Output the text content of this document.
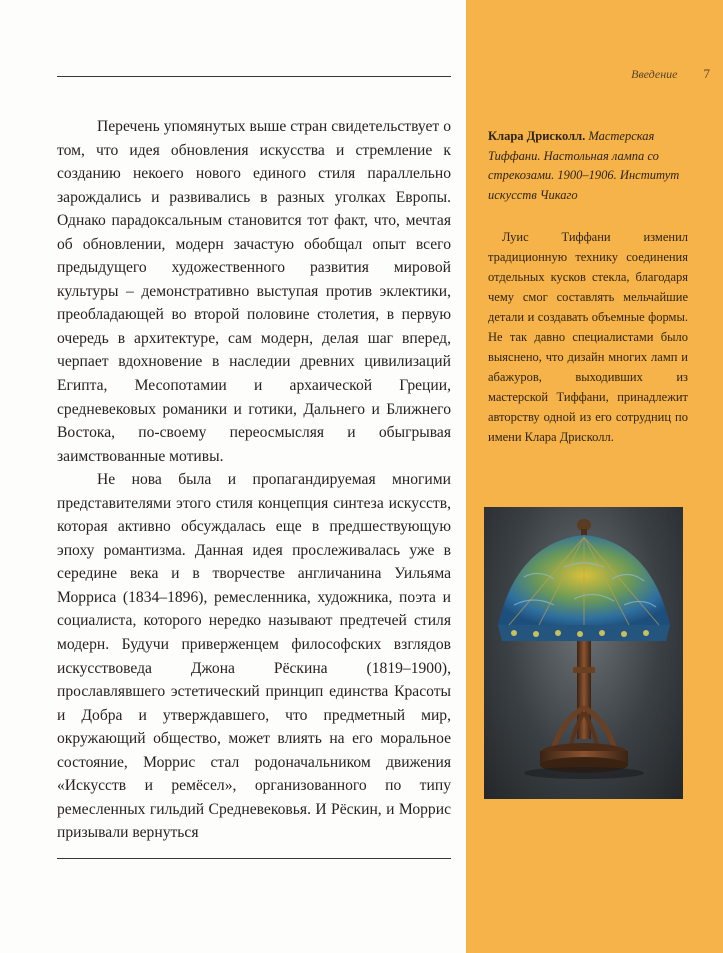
Перечень упомянутых выше стран свидетельствует о том, что идея обновления искусства и стремление к созданию некоего нового единого стиля параллельно зарождались и развивались в разных уголках Европы. Однако парадоксальным становится тот факт, что, мечтая об обновлении, модерн зачастую обобщал опыт всего предыдущего художественного развития мировой культуры – демонстративно выступая против эклектики, преобладающей во второй половине столетия, в первую очередь в архитектуре, сам модерн, делая шаг вперед, черпает вдохновение в наследии древних цивилизаций Египта, Месопотамии и архаической Греции, средневековых романики и готики, Дальнего и Ближнего Востока, по-своему переосмысляя и обыгрывая заимствованные мотивы.

Не нова была и пропагандируемая многими представителями этого стиля концепция синтеза искусств, которая активно обсуждалась еще в предшествующую эпоху романтизма. Данная идея прослеживалась уже в середине века и в творчестве англичанина Уильяма Морриса (1834–1896), ремесленника, художника, поэта и социалиста, которого нередко называют предтечей стиля модерн. Будучи приверженцем философских взглядов искусствоведа Джона Рёскина (1819–1900), прославлявшего эстетический принцип единства Красоты и Добра и утверждавшего, что предметный мир, окружающий общество, может влиять на его моральное состояние, Моррис стал родоначальником движения «Искусств и ремёсел», организованного по типу ремесленных гильдий Средневековья. И Рёскин, и Моррис призывали вернуться

Введение 7
Клара Дрисколл. Мастерская Тиффани. Настольная лампа со стрекозами. 1900–1906. Институт искусств Чикаго

Луис Тиффани изменил традиционную технику соединения отдельных кусков стекла, благодаря чему смог составлять мельчайшие детали и создавать объемные формы. Не так давно специалистами было выяснено, что дизайн многих ламп и абажуров, выходивших из мастерской Тиффани, принадлежит авторству одной из его сотрудниц по имени Клара Дрисколл.
